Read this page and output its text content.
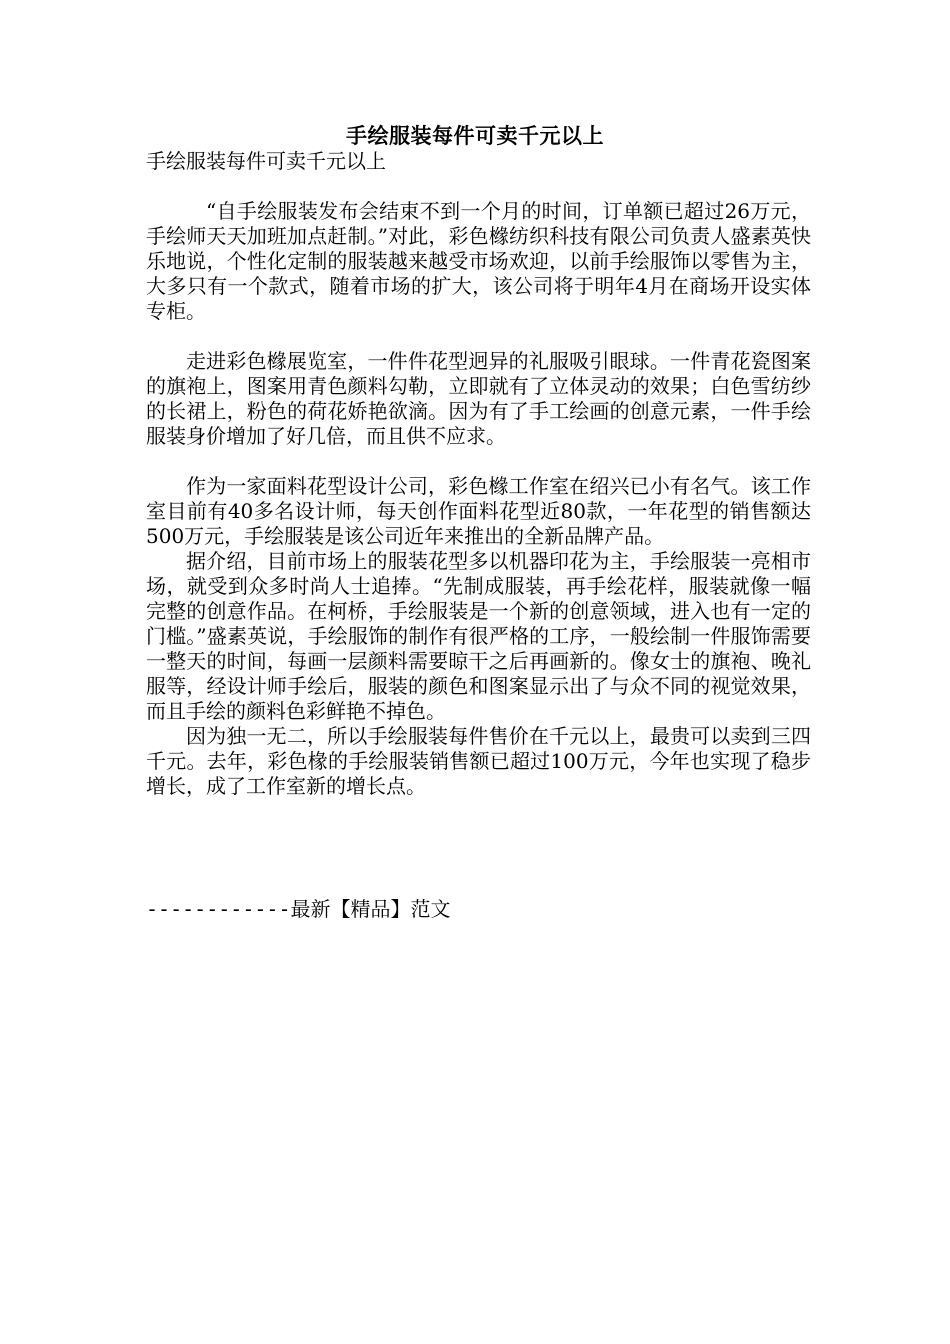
手绘服装每件可卖千元以上

手绘服装每件可卖千元以上

“自手绘服装发布会结束不到一个月的时间，订单额已超过26万元，手绘师天天加班加点赶制。”对此，彩色橼纺织科技有限公司负责人盛素英快乐地说，个性化定制的服装越来越受市场欢迎，以前手绘服饰以零售为主，大多只有一个款式，随着市场的扩大，该公司将于明年4月在商场开设实体专柜。

走进彩色橼展览室，一件件花型迥异的礼服吸引眼球。一件青花瓷图案的旗袍上，图案用青色颜料勾勒，立即就有了立体灵动的效果；白色雪纺纱的长裙上，粉色的荷花娇艳欲滴。因为有了手工绘画的创意元素，一件手绘服装身价增加了好几倍，而且供不应求。

作为一家面料花型设计公司，彩色橼工作室在绍兴已小有名气。该工作室目前有40多名设计师，每天创作面料花型近80款，一年花型的销售额达500万元，手绘服装是该公司近年来推出的全新品牌产品。

据介绍，目前市场上的服装花型多以机器印花为主，手绘服装一亮相市场，就受到众多时尚人士追捧。“先制成服装，再手绘花样，服装就像一幅完整的创意作品。在柯桥，手绘服装是一个新的创意领域，进入也有一定的门槛。”盛素英说，手绘服饰的制作有很严格的工序，一般绘制一件服饰需要一整天的时间，每画一层颜料需要晾干之后再画新的。像女士的旗袍、晚礼服等，经设计师手绘后，服装的颜色和图案显示出了与众不同的视觉效果，而且手绘的颜料色彩鲜艳不掉色。

因为独一无二，所以手绘服装每件售价在千元以上，最贵可以卖到三四千元。去年，彩色椽的手绘服装销售额已超过100万元，今年也实现了稳步增长，成了工作室新的增长点。

------------最新【精品】范文
